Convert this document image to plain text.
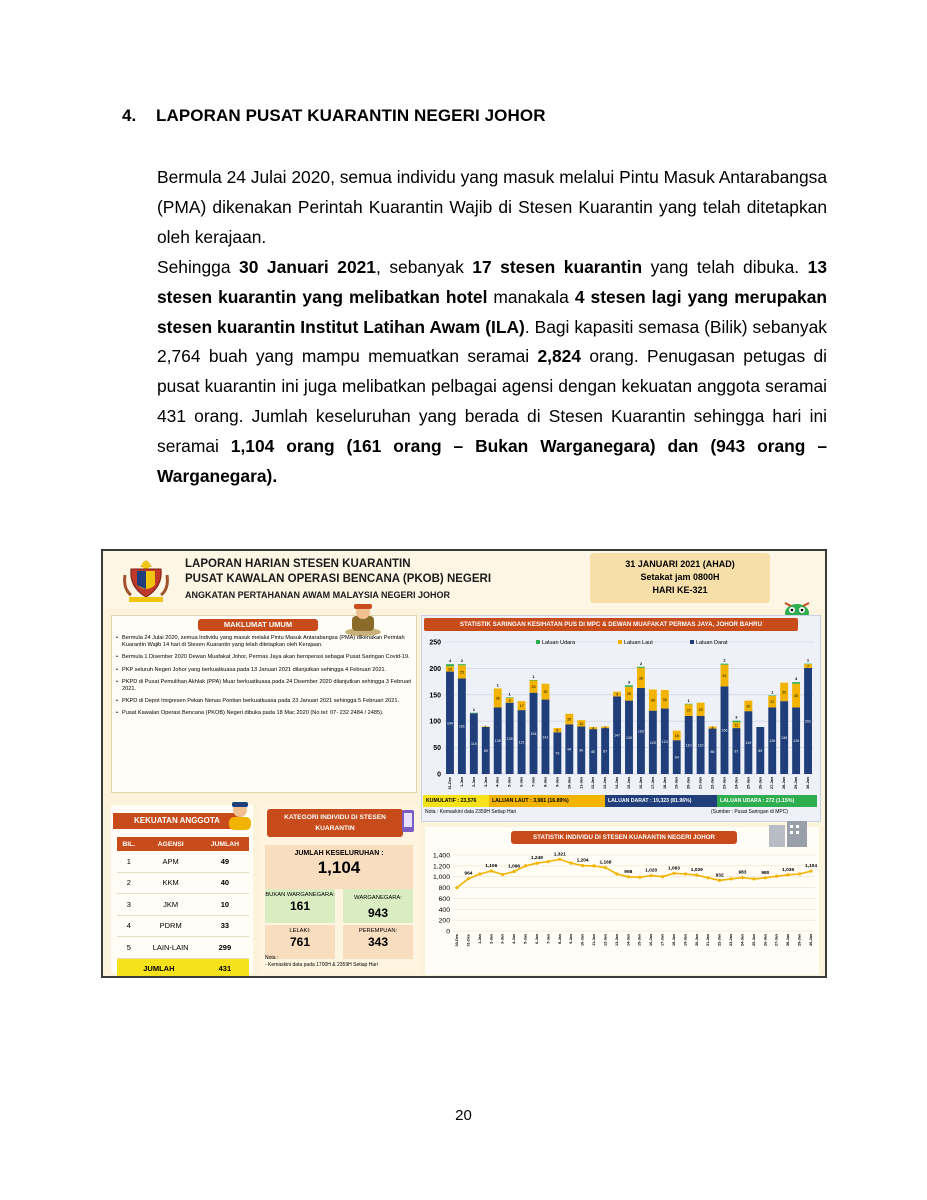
4. LAPORAN PUSAT KUARANTIN NEGERI JOHOR
Bermula 24 Julai 2020, semua individu yang masuk melalui Pintu Masuk Antarabangsa (PMA) dikenakan Perintah Kuarantin Wajib di Stesen Kuarantin yang telah ditetapkan oleh kerajaan.
Sehingga 30 Januari 2021, sebanyak 17 stesen kuarantin yang telah dibuka. 13 stesen kuarantin yang melibatkan hotel manakala 4 stesen lagi yang merupakan stesen kuarantin Institut Latihan Awam (ILA). Bagi kapasiti semasa (Bilik) sebanyak 2,764 buah yang mampu memuatkan seramai 2,824 orang. Penugasan petugas di pusat kuarantin ini juga melibatkan pelbagai agensi dengan kekuatan anggota seramai 431 orang. Jumlah keseluruhan yang berada di Stesen Kuarantin sehingga hari ini seramai 1,104 orang (161 orang – Bukan Warganegara) dan (943 orang – Warganegara).
LAPORAN HARIAN STESEN KUARANTIN
PUSAT KAWALAN OPERASI BENCANA (PKOB) NEGERI
ANGKATAN PERTAHANAN AWAM MALAYSIA NEGERI JOHOR
31 JANUARI 2021 (AHAD)
Setakat jam 0800H
HARI KE-321
MAKLUMAT UMUM
• Bermula 24 Julai 2020, semua Individu yang masuk melalui Pintu Masuk Antarabangsa (PMA) dikenakan Perintah Kuarantin Wajib 14 hari di Stesen Kuarantin yang telah ditetapkan oleh Kerajaan.
• Bermula 1 Disember 2020 Dewan Muafakat Johor, Permas Jaya akan beroperasi sebagai Pusat Saringan Covid-19.
• PKP seluruh Negeri Johor yang berkuatkuasa pada 13 Januari 2021 dilanjutkan sehingga 4 Februari 2021.
• PKPD di Pusat Pemulihan Akhlak (PPA) Muar berkuatkuasa pada 24 Disember 2020 dilanjutkan sehingga 3 Februari 2021.
• PKPD di Depot Imigresen Pekan Nenas Pontian berkuatkuasa pada 23 Januari 2021 sehingga 5 Februari 2021.
• Pusat Kawalan Operasi Bencana (PKOB) Negeri dibuka pada 18 Mac 2020 (No tel: 07- 232 2484 / 2485).
STATISTIK SARINGAN KESIHATAN PUS DI MPC & DEWAN MUAFAKAT PERMAS JAYA, JOHOR BAHRU
0
50
100
150
200
250	Laluan Udara	Laluan Laut	Laluan Darat
194
10
4
31-Dec
181
25
2
1-Jan
115
1
2-Jan
89
1
3-Jan
126
36
1
4-Jan
135
9
1
5-Jan
121
17
6-Jan
154
23
1
7-Jan
141
30
8-Jan
79
8
9-Jan
94
20
10-Jan
90
12
11-Jan
85
4
12-Jan
87
3
13-Jan
147
9
14-Jan
139
26
3
15-Jan
163
38
2
16-Jan
120
40
17-Jan
124
35
18-Jan
64
18
19-Jan
110
22
1
20-Jan
110
25
21-Jan
86
4
22-Jan
166
41
2
23-Jan
87
11
3
24-Jan
119
20
25-Jan
89
26-Jan
126
22
1
27-Jan
138
35
28-Jan
126
45
3
29-Jan
201
7
1
30-Jan
KUMULATIF : 23,576	LALUAN LAUT : 3,981 (16.89%)	LALUAN DARAT : 19,323 (81.96%)	LALUAN UDARA : 272 (1.15%)
Nota : Kemaskini data 2359H Setiap Hari	(Sumber : Pusat Saringan di MPC)
KEKUATAN ANGGOTA
BIL.	AGENSI	JUMLAH
1	APM	49
2	KKM	40
3	JKM	10
4	PDRM	33
5	LAIN-LAIN	299
JUMLAH		431
KATEGORI INDIVIDU DI STESEN KUARANTIN
JUMLAH KESELURUHAN :
1,104
BUKAN WARGANEGARA:
161
WARGANEGARA:
943
LELAKI:
761
PEREMPUAN:
343
Nota :
- Kemaskini data pada 1700H & 2359H Setiap Hari
STATISTIK INDIVIDU DI STESEN KUARANTIN NEGERI JOHOR
0
200
400
600
800
1,000
1,200
1,400
30-Dec
964
31-Dec 1-Jan
1,106
2-Jan 3-Jan
1,096
4-Jan 5-Jan
1,249
6-Jan 7-Jan
1,321
8-Jan 9-Jan
1,204
10-Jan 11-Jan
1,168
12-Jan 13-Jan
998
14-Jan 15-Jan
1,020
16-Jan 17-Jan
1,063
18-Jan 19-Jan
1,029
20-Jan 21-Jan
932
22-Jan 23-Jan
983
24-Jan 25-Jan
980
26-Jan 27-Jan
1,036
28-Jan 29-Jan
1,104
30-Jan
20
